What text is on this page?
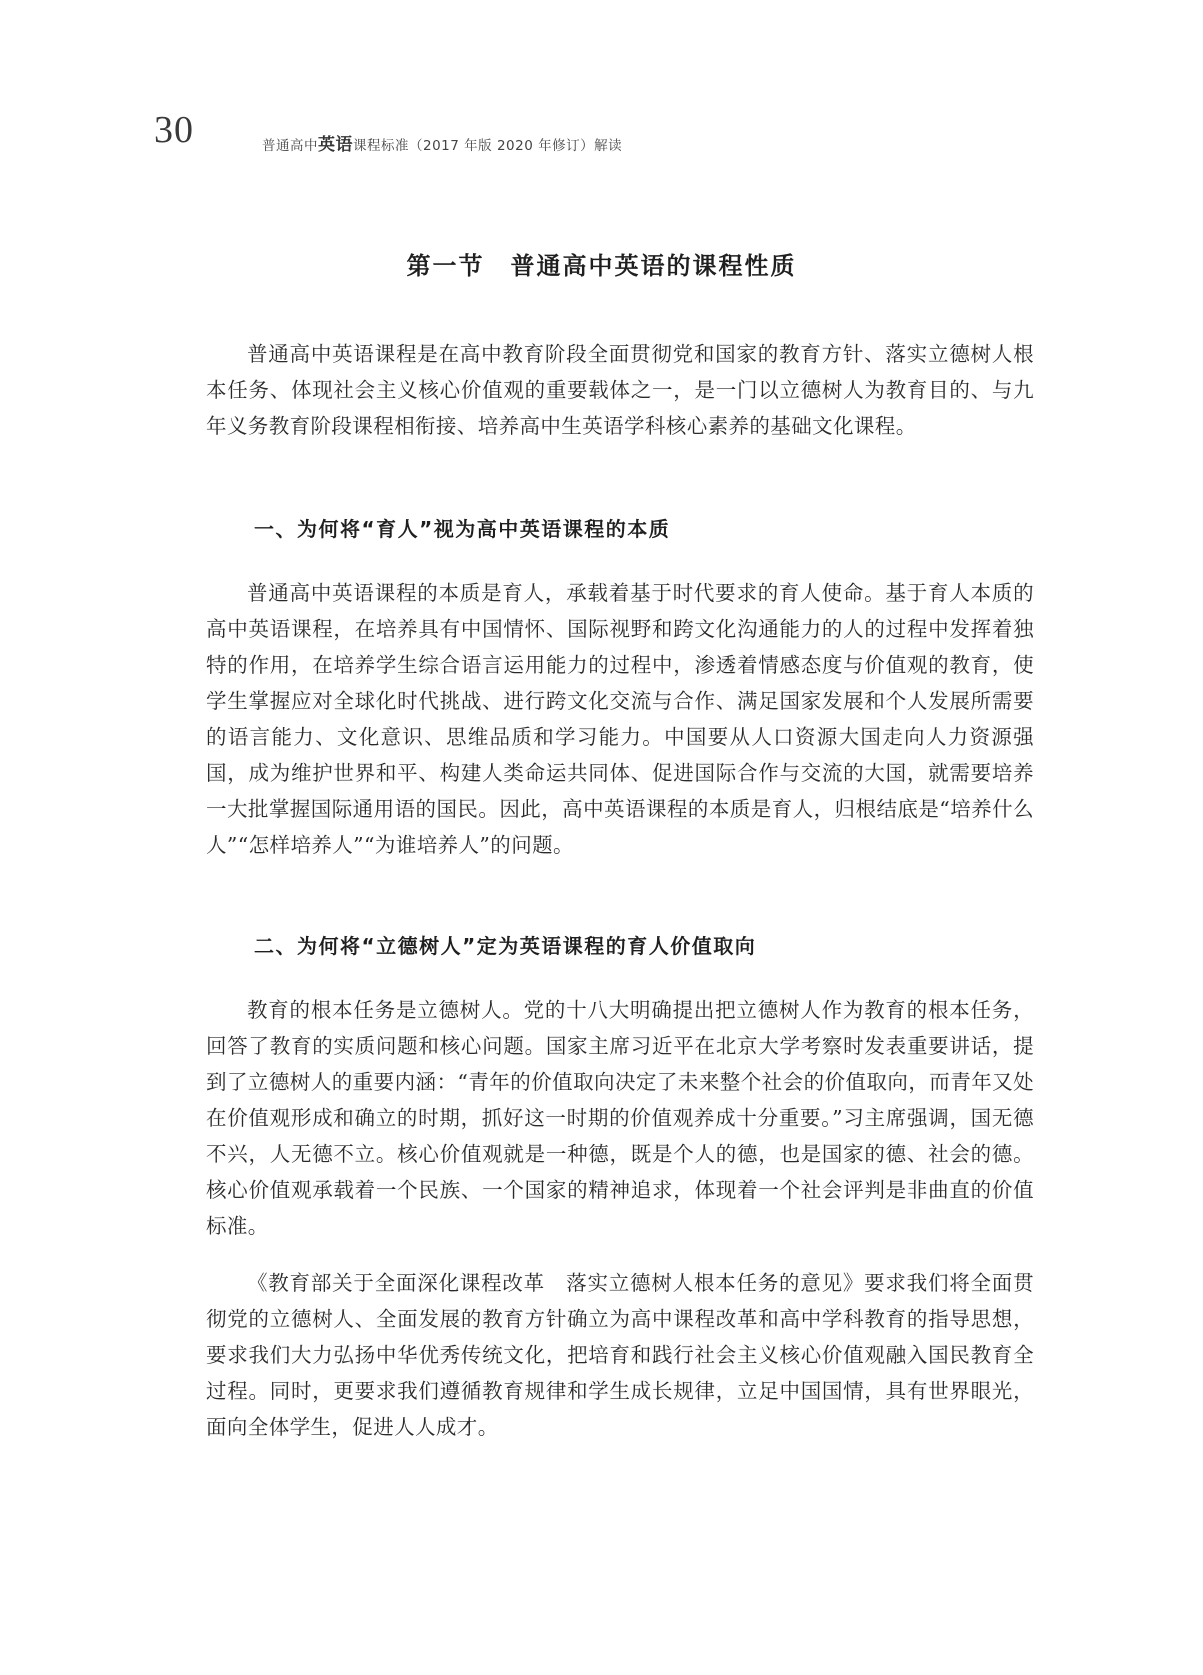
30	普通高中英语课程标准（2017 年版 2020 年修订）解读
第一节　普通高中英语的课程性质
普通高中英语课程是在高中教育阶段全面贯彻党和国家的教育方针、落实立德树人根本任务、体现社会主义核心价值观的重要载体之一，是一门以立德树人为教育目的、与九年义务教育阶段课程相衔接、培养高中生英语学科核心素养的基础文化课程。
一、为何将“育人”视为高中英语课程的本质
普通高中英语课程的本质是育人，承载着基于时代要求的育人使命。基于育人本质的高中英语课程，在培养具有中国情怀、国际视野和跨文化沟通能力的人的过程中发挥着独特的作用，在培养学生综合语言运用能力的过程中，渗透着情感态度与价值观的教育，使学生掌握应对全球化时代挑战、进行跨文化交流与合作、满足国家发展和个人发展所需要的语言能力、文化意识、思维品质和学习能力。中国要从人口资源大国走向人力资源强国，成为维护世界和平、构建人类命运共同体、促进国际合作与交流的大国，就需要培养一大批掌握国际通用语的国民。因此，高中英语课程的本质是育人，归根结底是“培养什么人”“怎样培养人”“为谁培养人”的问题。
二、为何将“立德树人”定为英语课程的育人价值取向
教育的根本任务是立德树人。党的十八大明确提出把立德树人作为教育的根本任务，回答了教育的实质问题和核心问题。国家主席习近平在北京大学考察时发表重要讲话，提到了立德树人的重要内涵：“青年的价值取向决定了未来整个社会的价值取向，而青年又处在价值观形成和确立的时期，抓好这一时期的价值观养成十分重要。”习主席强调，国无德不兴，人无德不立。核心价值观就是一种德，既是个人的德，也是国家的德、社会的德。核心价值观承载着一个民族、一个国家的精神追求，体现着一个社会评判是非曲直的价值标准。
《教育部关于全面深化课程改革　落实立德树人根本任务的意见》要求我们将全面贯彻党的立德树人、全面发展的教育方针确立为高中课程改革和高中学科教育的指导思想，要求我们大力弘扬中华优秀传统文化，把培育和践行社会主义核心价值观融入国民教育全过程。同时，更要求我们遵循教育规律和学生成长规律，立足中国国情，具有世界眼光，面向全体学生，促进人人成才。
